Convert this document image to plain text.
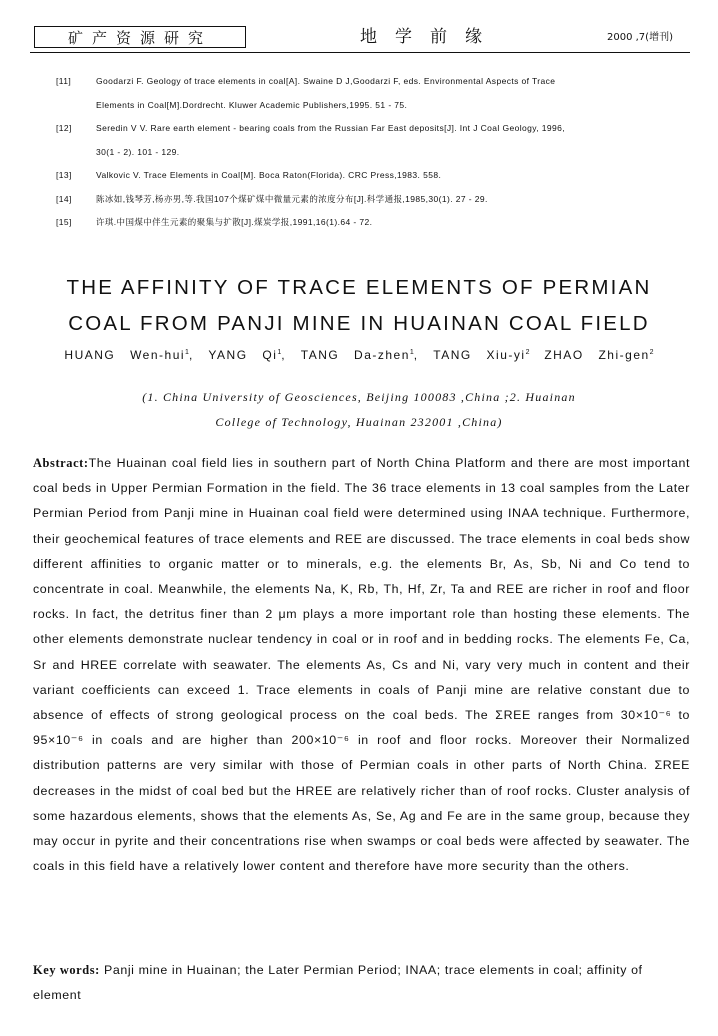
矿产资源研究	地学前缘	2000 ,7(增刊)
[11]	Goodarzi F. Geology of trace elements in coal[A]. Swaine D J,Goodarzi F, eds. Environmental Aspects of Trace
Elements in Coal[M].Dordrecht. Kluwer Academic Publishers,1995. 51 - 75.
[12]	Seredin V V. Rare earth element - bearing coals from the Russian Far East deposits[J]. Int J Coal Geology, 1996,
30(1 - 2). 101 - 129.
[13]	Valkovic V. Trace Elements in Coal[M]. Boca Raton(Florida). CRC Press,1983. 558.
[14]	陈冰如,钱琴芳,杨亦男,等.我国107个煤矿煤中微量元素的浓度分布[J].科学通报,1985,30(1). 27 - 29.
[15]	许琪.中国煤中伴生元素的聚集与扩散[J].煤炭学报,1991,16(1).64 - 72.
THE AFFINITY OF TRACE ELEMENTS OF PERMIAN
COAL FROM PANJI MINE IN HUAINAN COAL FIELD
HUANG Wen-hui$^1$, YANG Qi$^1$, TANG Da-zhen$^1$, TANG Xiu-$yi^2$ ZHAO Zhi-gen$^2$
(1. China University of Geosciences, Beijing 100083 ,China ;2. Huainan
College of Technology, Huainan 232001 ,China)
Abstract:The Huainan coal field lies in southern part of North China Platform and there are most important coal beds in Upper Permian Formation in the field. The 36 trace elements in 13 coal samples from the Later Permian Period from Panji mine in Huainan coal field were determined using INAA technique. Furthermore, their geochemical features of trace elements and REE are discussed. The trace elements in coal beds show different affinities to organic matter or to minerals, e.g. the elements Br, As, Sb, Ni and Co tend to concentrate in coal. Meanwhile, the elements Na, K, Rb, Th, Hf, Zr, Ta and REE are richer in roof and floor rocks. In fact, the detritus finer than 2 μm plays a more important role than hosting these elements. The other elements demonstrate nuclear tendency in coal or in roof and in bedding rocks. The elements Fe, Ca, Sr and HREE correlate with seawater. The elements As, Cs and Ni, vary very much in content and their variant coefficients can exceed 1. Trace elements in coals of Panji mine are relative constant due to absence of effects of strong geological process on the coal beds. The ΣREE ranges from 30×10⁻⁶ to 95×10⁻⁶ in coals and are higher than 200×10⁻⁶ in roof and floor rocks. Moreover their Normalized distribution patterns are very similar with those of Permian coals in other parts of North China. ΣREE decreases in the midst of coal bed but the HREE are relatively richer than of roof rocks. Cluster analysis of some hazardous elements, shows that the elements As, Se, Ag and Fe are in the same group, because they may occur in pyrite and their concentrations rise when swamps or coal beds were affected by seawater. The coals in this field have a relatively lower content and therefore have more security than the others.
Key words: Panji mine in Huainan; the Later Permian Period; INAA; trace elements in coal; affinity of element
